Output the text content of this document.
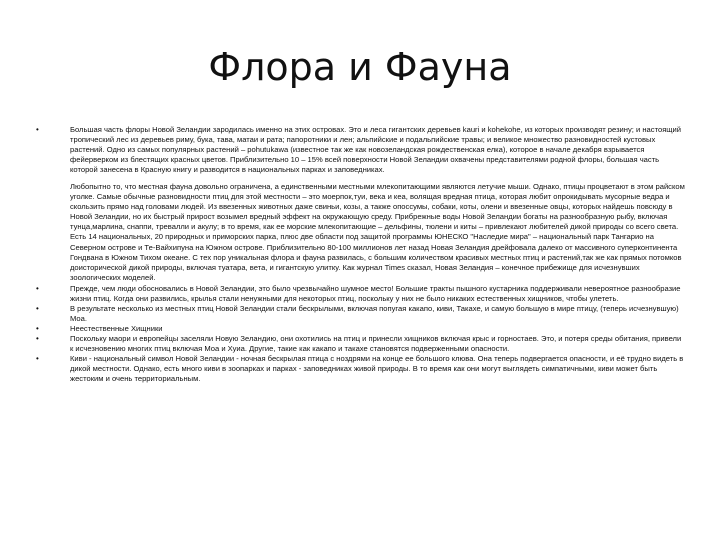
Флора и Фауна
•	Большая часть флоры Новой Зеландии зародилась именно на этих островах. Это и леса гигантских деревьев kauri и kohekohe, из которых производят резину; и настоящий тропический лес из деревьев риму, бука, тава, матаи и рата; папоротники и лен; альпийские и подальпийские травы; и великое множество разновидностей кустовых растений. Одно из самых популярных растений – pohutukawa (известное так же как новозеландская рождественская елка), которое в начале декабря взрывается фейерверком из блестящих красных цветов. Приблизительно 10 – 15% всей поверхности Новой Зеландии охвачены представителями родной флоры, большая часть которой занесена в Красную книгу и разводится в национальных парках и заповедниках.
Любопытно то, что местная фауна довольно ограничена, а единственными местными млекопитающими являются летучие мыши. Однако, птицы процветают в этом райском уголке. Самые обычные разновидности птиц для этой местности – это моерпок,туи, века и кеа, волящая вредная птица, которая любит опрокидывать мусорные ведра и скользить прямо над головами людей. Из ввезенных животных даже свиньи, козы, а также опоссумы, собаки, коты, олени и ввезенные овцы, которых найдешь повсюду в Новой Зеландии, но их быстрый прирост возымел вредный эффект на окружающую среду. Прибрежные воды Новой Зеландии богаты на разнообразную рыбу, включая тунца,марлина, снаппи, тревалли и акулу; в то время, как ее морские млекопитающие – дельфины, тюлени и киты – привлекают любителей дикой природы со всего света. Есть 14 национальных, 20 природных и приморских парка, плюс две области под защитой программы ЮНЕСКО "Наследие мира" – национальный парк Тангарио на Северном острове и Те-Вайхипуна на Южном острове. Приблизительно 80-100 миллионов лет назад Новая Зеландия дрейфовала далеко от массивного суперконтинента Гондвана в Южном Тихом океане. С тех пор уникальная флора и фауна развилась, с большим количеством красивых местных птиц и растений,так же как прямых потомков доисторической дикой природы, включая туатара, вета, и гигантскую улитку. Как журнал Times сказал, Новая Зеландия – конечное прибежище для исчезнувших зоологических моделей.
•	Прежде, чем люди обосновались в Новой Зеландии, это было чрезвычайно шумное место! Большие тракты пышного кустарника поддерживали невероятное разнообразие жизни птиц. Когда они развились, крылья стали ненужными для некоторых птиц, поскольку у них не было никаких естественных хищников, чтобы улететь.
•	В результате несколько из местных птиц Новой Зеландии стали бескрылыми, включая попугая какапо, киви, Такахе, и самую большую в мире птицу, (теперь исчезнувшую) Моа.
•	Неестественные Хищники
•	Поскольку маори и европейцы заселяли Новую Зеландию, они охотились на птиц и принесли хищников включая крыс и горностаев. Это, и потеря среды обитания, привели к исчезновению многих птиц включая Моа и Хуиа. Другие, такие как какапо и такахе становятся подверженными опасности.
•	Киви - национальный символ Новой Зеландии - ночная бескрылая птица с ноздрями на конце ее большого клюва. Она теперь подвергается опасности, и её трудно видеть в дикой местности. Однако, есть много киви в зоопарках и парках - заповедниках живой природы. В то время как они могут выглядеть симпатичными, киви может быть жестоким и очень территориальным.
